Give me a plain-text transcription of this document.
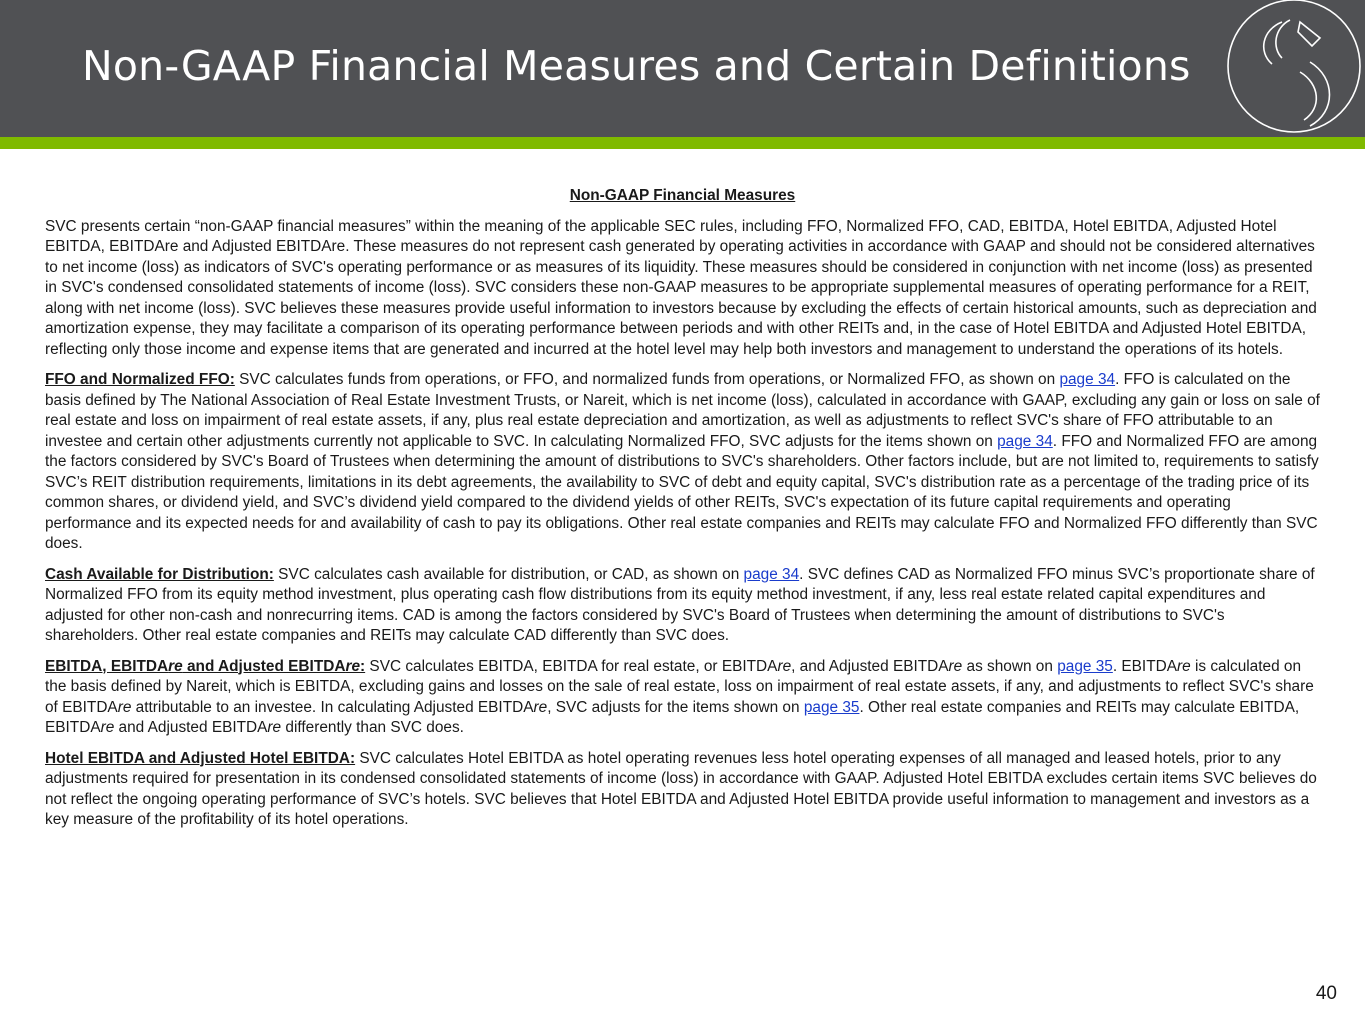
Non-GAAP Financial Measures and Certain Definitions
Non-GAAP Financial Measures

SVC presents certain “non-GAAP financial measures” within the meaning of the applicable SEC rules, including FFO, Normalized FFO, CAD, EBITDA, Hotel EBITDA, Adjusted Hotel EBITDA, EBITDAre and Adjusted EBITDAre. These measures do not represent cash generated by operating activities in accordance with GAAP and should not be considered alternatives to net income (loss) as indicators of SVC's operating performance or as measures of its liquidity. These measures should be considered in conjunction with net income (loss) as presented in SVC's condensed consolidated statements of income (loss). SVC considers these non-GAAP measures to be appropriate supplemental measures of operating performance for a REIT, along with net income (loss). SVC believes these measures provide useful information to investors because by excluding the effects of certain historical amounts, such as depreciation and amortization expense, they may facilitate a comparison of its operating performance between periods and with other REITs and, in the case of Hotel EBITDA and Adjusted Hotel EBITDA, reflecting only those income and expense items that are generated and incurred at the hotel level may help both investors and management to understand the operations of its hotels.

FFO and Normalized FFO: SVC calculates funds from operations, or FFO, and normalized funds from operations, or Normalized FFO, as shown on page 34. FFO is calculated on the basis defined by The National Association of Real Estate Investment Trusts, or Nareit, which is net income (loss), calculated in accordance with GAAP, excluding any gain or loss on sale of real estate and loss on impairment of real estate assets, if any, plus real estate depreciation and amortization, as well as adjustments to reflect SVC's share of FFO attributable to an investee and certain other adjustments currently not applicable to SVC. In calculating Normalized FFO, SVC adjusts for the items shown on page 34. FFO and Normalized FFO are among the factors considered by SVC's Board of Trustees when determining the amount of distributions to SVC's shareholders. Other factors include, but are not limited to, requirements to satisfy SVC’s REIT distribution requirements, limitations in its debt agreements, the availability to SVC of debt and equity capital, SVC's distribution rate as a percentage of the trading price of its common shares, or dividend yield, and SVC’s dividend yield compared to the dividend yields of other REITs, SVC's expectation of its future capital requirements and operating performance and its expected needs for and availability of cash to pay its obligations. Other real estate companies and REITs may calculate FFO and Normalized FFO differently than SVC does.

Cash Available for Distribution: SVC calculates cash available for distribution, or CAD, as shown on page 34. SVC defines CAD as Normalized FFO minus SVC’s proportionate share of Normalized FFO from its equity method investment, plus operating cash flow distributions from its equity method investment, if any, less real estate related capital expenditures and adjusted for other non-cash and nonrecurring items. CAD is among the factors considered by SVC's Board of Trustees when determining the amount of distributions to SVC's shareholders. Other real estate companies and REITs may calculate CAD differently than SVC does.

EBITDA, EBITDAre and Adjusted EBITDAre: SVC calculates EBITDA, EBITDA for real estate, or EBITDAre, and Adjusted EBITDAre as shown on page 35. EBITDAre is calculated on the basis defined by Nareit, which is EBITDA, excluding gains and losses on the sale of real estate, loss on impairment of real estate assets, if any, and adjustments to reflect SVC's share of EBITDAre attributable to an investee. In calculating Adjusted EBITDAre, SVC adjusts for the items shown on page 35. Other real estate companies and REITs may calculate EBITDA, EBITDAre and Adjusted EBITDAre differently than SVC does.

Hotel EBITDA and Adjusted Hotel EBITDA: SVC calculates Hotel EBITDA as hotel operating revenues less hotel operating expenses of all managed and leased hotels, prior to any adjustments required for presentation in its condensed consolidated statements of income (loss) in accordance with GAAP. Adjusted Hotel EBITDA excludes certain items SVC believes do not reflect the ongoing operating performance of SVC’s hotels. SVC believes that Hotel EBITDA and Adjusted Hotel EBITDA provide useful information to management and investors as a key measure of the profitability of its hotel operations.

40
